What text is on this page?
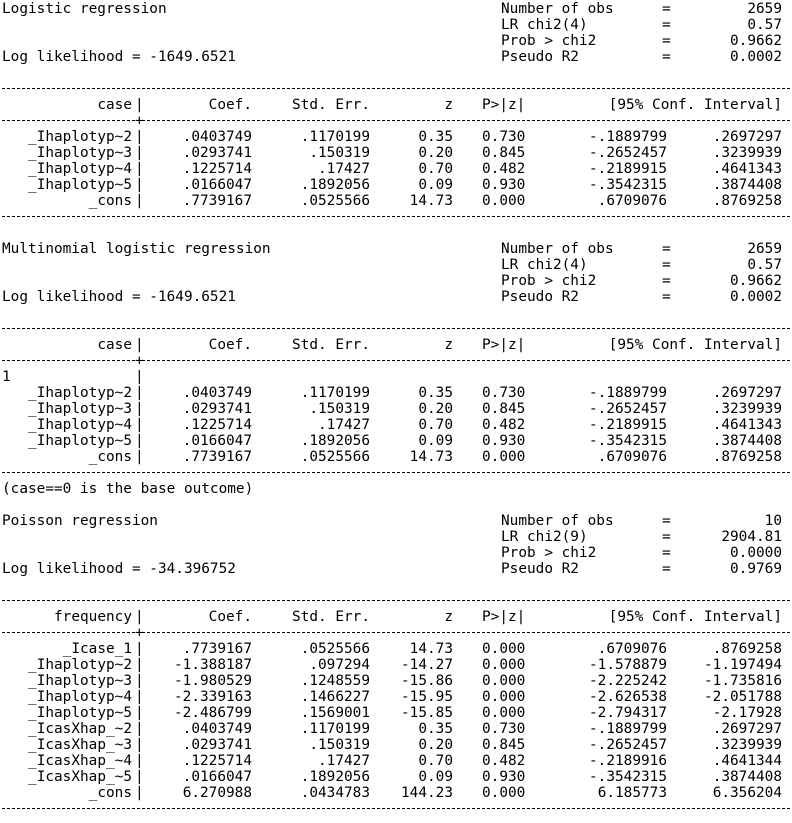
Number of obs	=	2659
Logistic regression
LR chi2(4)	=	0.57
Prob > chi2	=	0.9662
Pseudo R2	=	0.0002
Log likelihood = -1649.6521
case |	Coef.	Std. Err.	z P>|z|	[95% Conf. Interval]
+
_Ihaplotyp~2 |	.0403749	.1170199	0.35 0.730	-.1889799	.2697297
_Ihaplotyp~3 |	.0293741	.150319	0.20 0.845	-.2652457	.3239939
_Ihaplotyp~4 |	.1225714	.17427	0.70 0.482	-.2189915	.4641343
_Ihaplotyp~5 |	.0166047	.1892056	0.09 0.930	-.3542315	.3874408
_cons |	.7739167	.0525566	14.73 0.000	.6709076	.8769258
Number of obs	=	2659
Multinomial logistic regression
LR chi2(4)	=	0.57
Prob > chi2	=	0.9662
Pseudo R2	=	0.0002
Log likelihood = -1649.6521
case |	Coef.	Std. Err.	z P>|z|	[95% Conf. Interval]
+
1	|
_Ihaplotyp~2 |	.0403749	.1170199	0.35 0.730	-.1889799	.2697297
_Ihaplotyp~3 |	.0293741	.150319	0.20 0.845	-.2652457	.3239939
_Ihaplotyp~4 |	.1225714	.17427	0.70 0.482	-.2189915	.4641343
_Ihaplotyp~5 |	.0166047	.1892056	0.09 0.930	-.3542315	.3874408
_cons |	.7739167	.0525566	14.73 0.000	.6709076	.8769258
(case==0 is the base outcome)
Number of obs	=	10
Poisson regression
LR chi2(9)	=	2904.81
Prob > chi2	=	0.0000
Pseudo R2	=	0.9769
Log likelihood = -34.396752
frequency |	Coef.	Std. Err.	z P>|z|	[95% Conf. Interval]
+
_Icase_1 |	.7739167	.0525566	14.73 0.000	.6709076	.8769258
_Ihaplotyp~2 | -1.388187	.097294 -14.27 0.000	-1.578879	-1.197494
_Ihaplotyp~3 | -1.980529	.1248559 -15.86 0.000	-2.225242	-1.735816
_Ihaplotyp~4 | -2.339163	.1466227 -15.95 0.000	-2.626538	-2.051788
_Ihaplotyp~5 | -2.486799	.1569001 -15.85 0.000	-2.794317	-2.17928
_IcasXhap_~2 |	.0403749	.1170199	0.35 0.730	-.1889799	.2697297
_IcasXhap_~3 |	.0293741	.150319	0.20 0.845	-.2652457	.3239939
_IcasXhap_~4 |	.1225714	.17427	0.70 0.482	-.2189916	.4641344
_IcasXhap_~5 |	.0166047	.1892056	0.09 0.930	-.3542315	.3874408
_cons |	6.270988	.0434783 144.23 0.000	6.185773	6.356204
